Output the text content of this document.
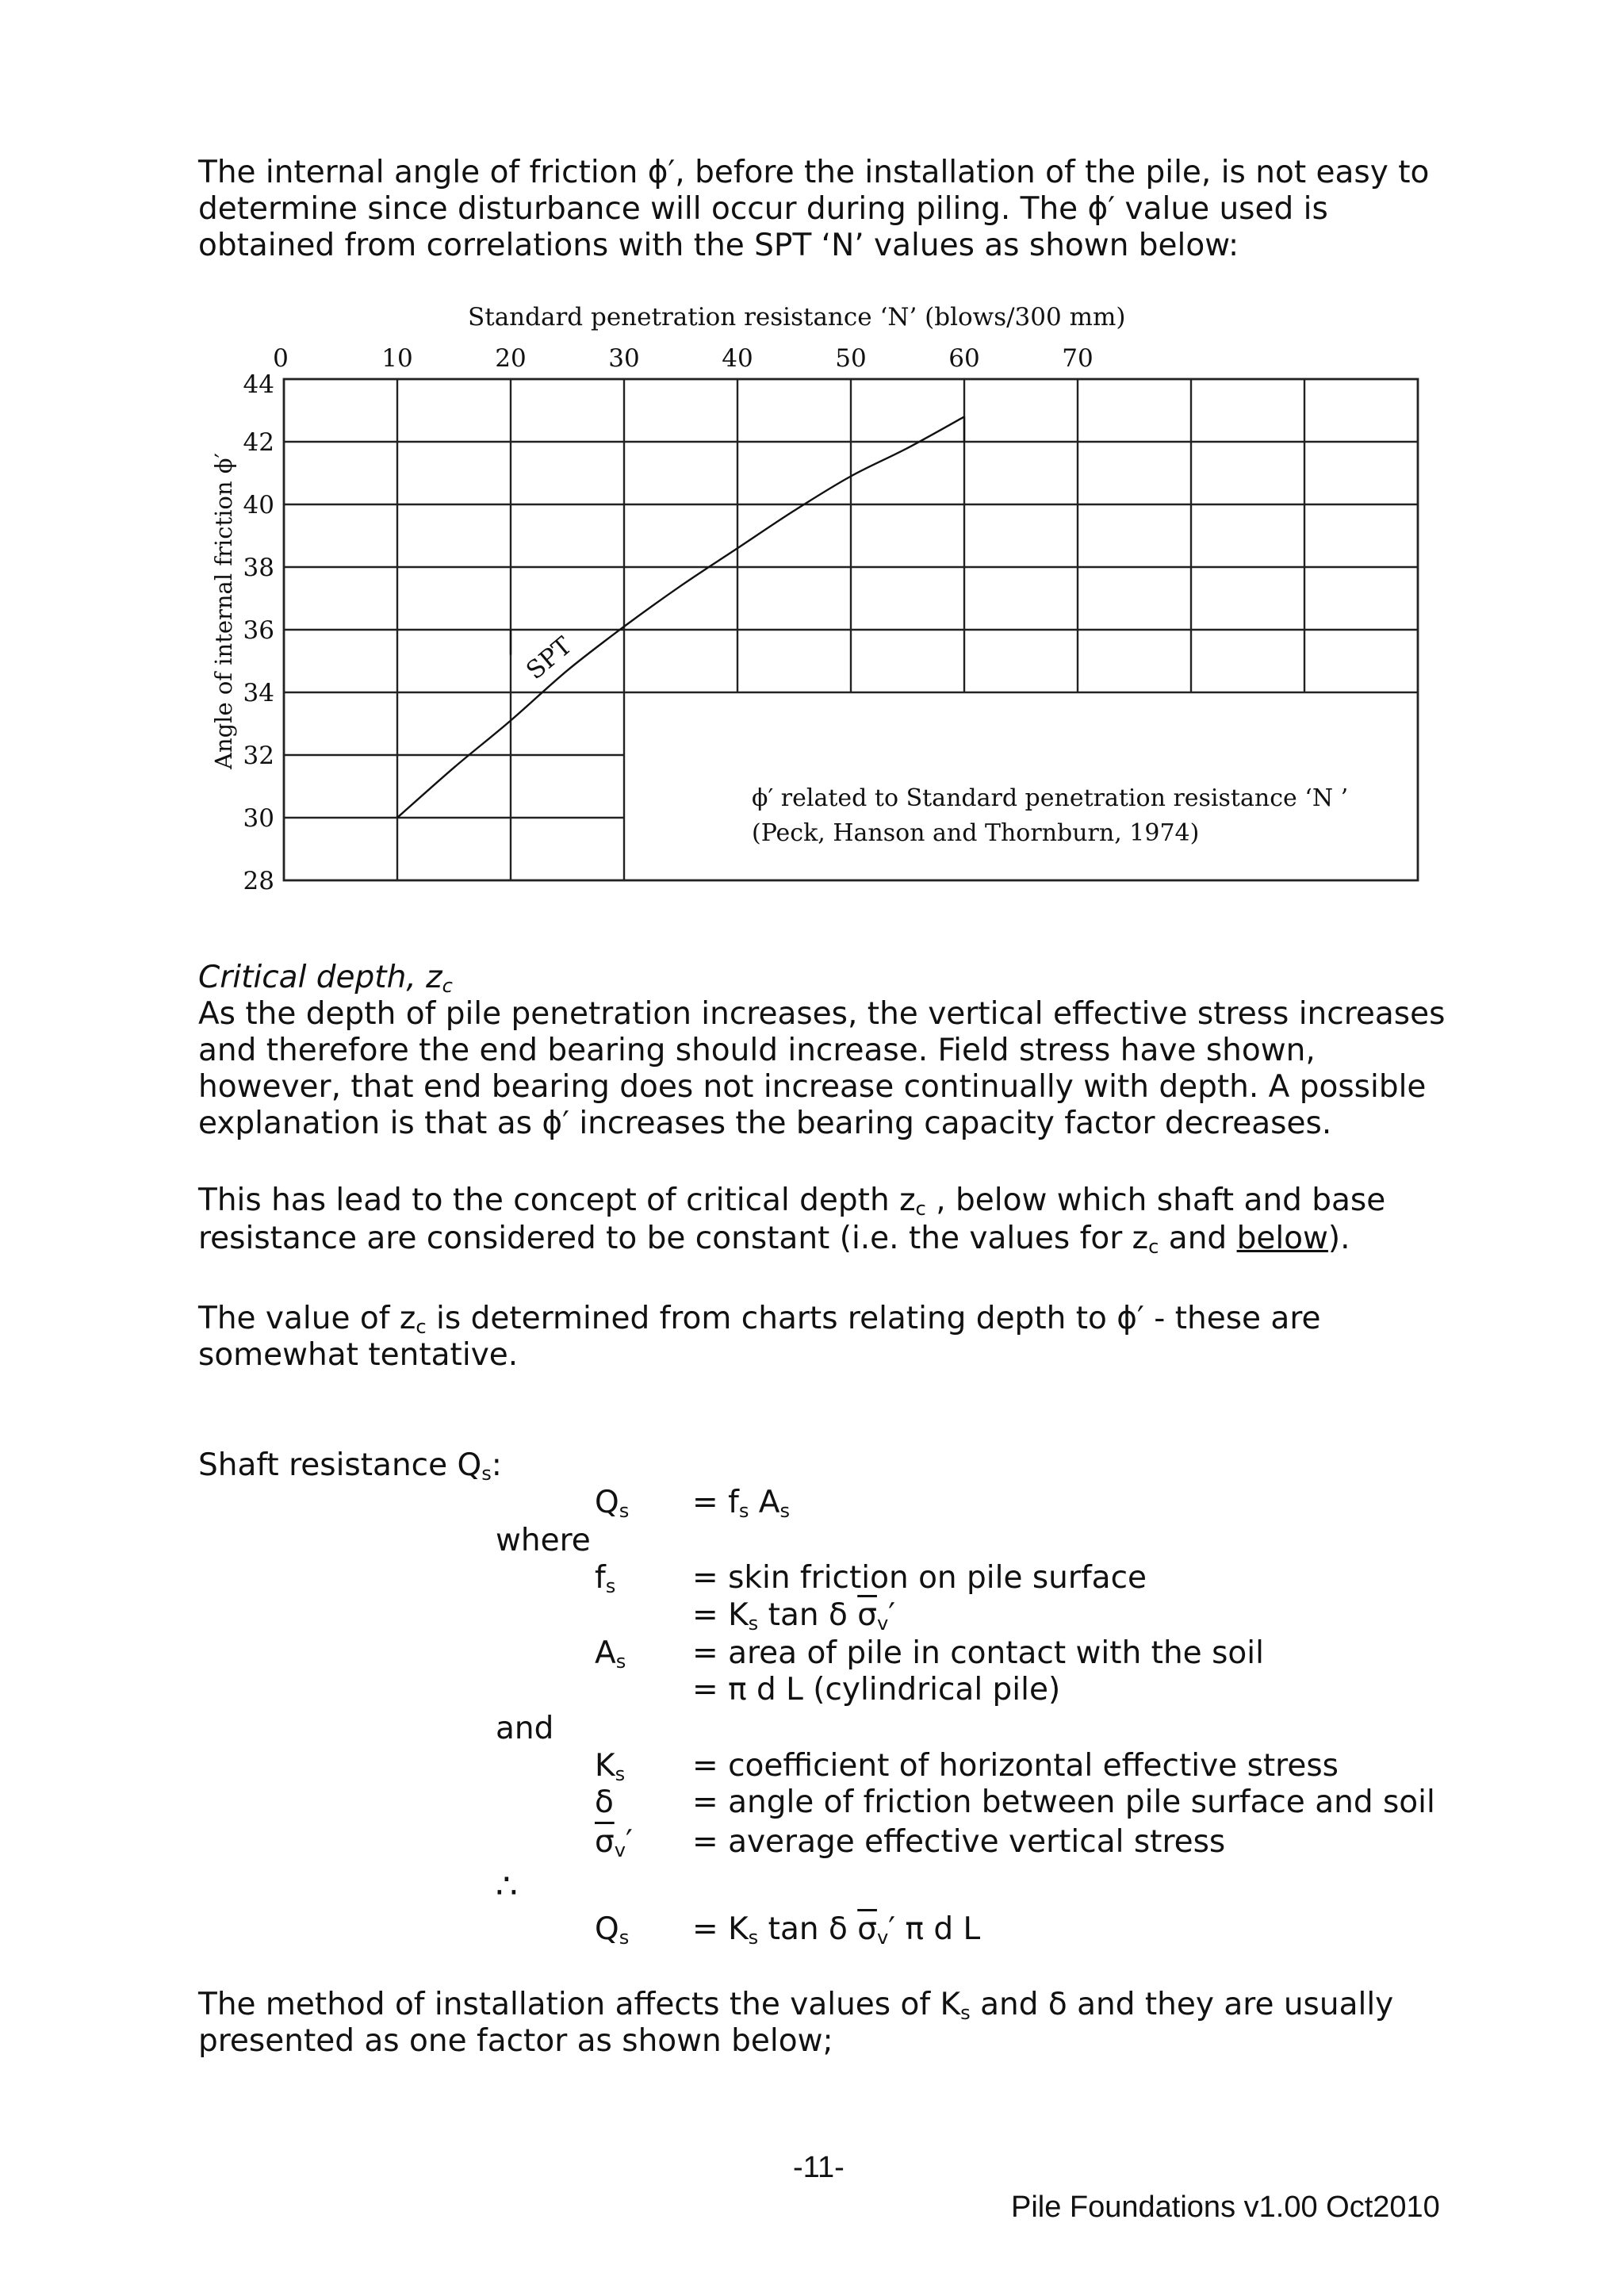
The internal angle of friction ϕ′, before the installation of the pile, is not easy to

determine since disturbance will occur during piling. The ϕ′ value used is

obtained from correlations with the SPT ‘N’ values as shown below:

Standard penetration resistance ‘N’ (blows/300 mm)
0	10	20	30	40	50	60	70
44
42
40
38
36
34
32
30
28
Angle of internal friction ϕ′	SPT
ϕ′ related to Standard penetration resistance ‘N ’
(Peck, Hanson and Thornburn, 1974)
Critical depth, $z_c$

As the depth of pile penetration increases, the vertical effective stress increases

and therefore the end bearing should increase. Field stress have shown,

however, that end bearing does not increase continually with depth. A possible

explanation is that as ϕ′ increases the bearing capacity factor decreases.

This has lead to the concept of critical depth $z_c$ , below which shaft and base

resistance are considered to be constant (i.e. the values for $z_c$ and below).

The value of $z_c$ is determined from charts relating depth to ϕ′ - these are

somewhat tentative.

Shaft resistance $Q_s$:
$Q_s = f_s$ $A_s$
where
$f_s$ = skin friction on pile surface
= $K_s$ tan δ $\overline{\sigma}_v'$
$A_s$ = area of pile in contact with the soil
= π d L (cylindrical pile)
and
$K_s$ = coefficient of horizontal effective stress
δ	= angle of friction between pile surface and soil
$\overline{\sigma}_v'$ = average effective vertical stress
∴
$Q_s = K_s$ tan δ $\overline{\sigma}_v'$ π d L

The method of installation affects the values of $K_s$ and δ and they are usually

presented as one factor as shown below;

-11-
Pile Foundations v1.00 Oct2010
